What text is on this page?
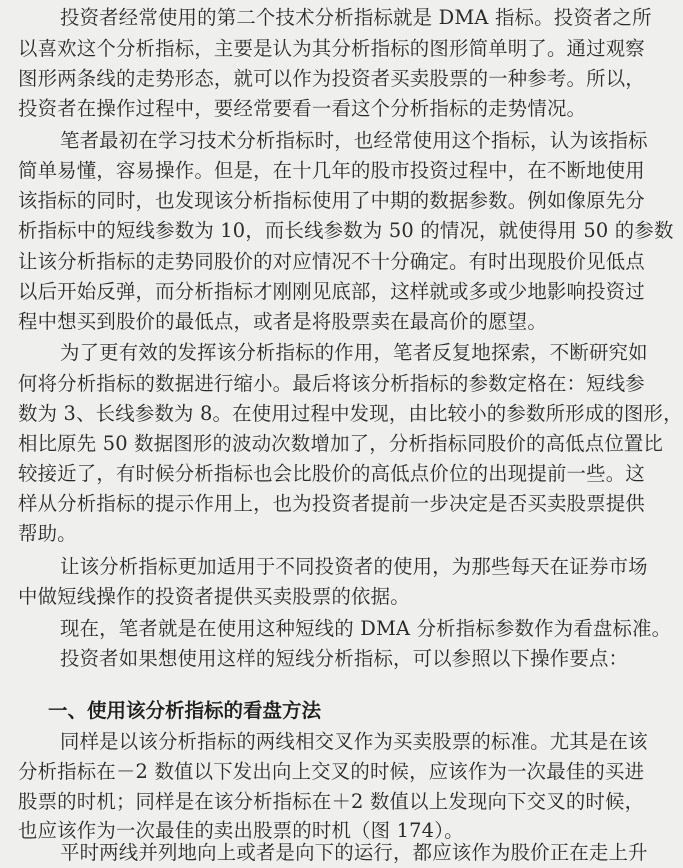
投资者经常使用的第二个技术分析指标就是 DMA 指标。投资者之所
以喜欢这个分析指标，主要是认为其分析指标的图形简单明了。通过观察
图形两条线的走势形态，就可以作为投资者买卖股票的一种参考。所以，
投资者在操作过程中，要经常要看一看这个分析指标的走势情况。
笔者最初在学习技术分析指标时，也经常使用这个指标，认为该指标
简单易懂，容易操作。但是，在十几年的股市投资过程中，在不断地使用
该指标的同时，也发现该分析指标使用了中期的数据参数。例如像原先分
析指标中的短线参数为 10，而长线参数为 50 的情况，就使得用 50 的参数
让该分析指标的走势同股价的对应情况不十分确定。有时出现股价见低点
以后开始反弹，而分析指标才刚刚见底部，这样就或多或少地影响投资过
程中想买到股价的最低点，或者是将股票卖在最高价的愿望。
为了更有效的发挥该分析指标的作用，笔者反复地探索，不断研究如
何将分析指标的数据进行缩小。最后将该分析指标的参数定格在：短线参
数为 3、长线参数为 8。在使用过程中发现，由比较小的参数所形成的图形，
相比原先 50 数据图形的波动次数增加了，分析指标同股价的高低点位置比
较接近了，有时候分析指标也会比股价的高低点价位的出现提前一些。这
样从分析指标的提示作用上，也为投资者提前一步决定是否买卖股票提供
帮助。
让该分析指标更加适用于不同投资者的使用，为那些每天在证券市场
中做短线操作的投资者提供买卖股票的依据。
现在，笔者就是在使用这种短线的 DMA 分析指标参数作为看盘标准。
投资者如果想使用这样的短线分析指标，可以参照以下操作要点：
一、使用该分析指标的看盘方法
同样是以该分析指标的两线相交叉作为买卖股票的标准。尤其是在该
分析指标在－2 数值以下发出向上交叉的时候，应该作为一次最佳的买进
股票的时机；同样是在该分析指标在＋2 数值以上发现向下交叉的时候，
也应该作为一次最佳的卖出股票的时机（图 174）。
平时两线并列地向上或者是向下的运行，都应该作为股价正在走上升
